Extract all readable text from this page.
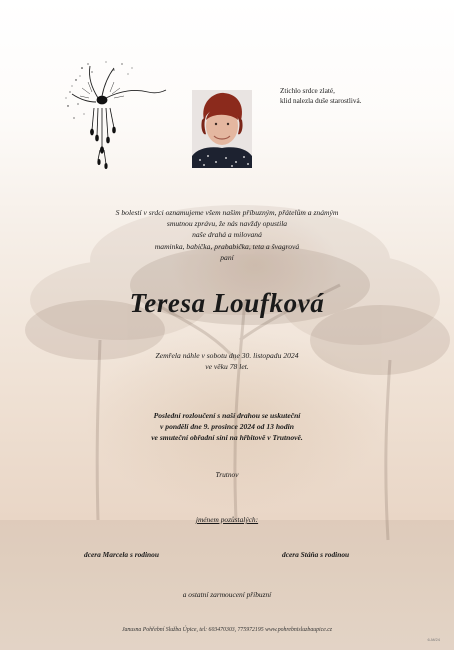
Ztichlo srdce zlaté,
klid nalezla duše starostlivá.
S bolestí v srdci oznamujeme všem našim příbuzným, přátelům a známým
smutnou zprávu, že nás navždy opustila
naše drahá a milovaná
maminka, babička, prababička, teta a švagrová
paní
Teresa Loufková
Zemřela náhle v sobotu dne 30. listopadu 2024
ve věku 78 let.
Poslední rozloučení s naší drahou se uskuteční
v pondělí dne 9. prosince 2024 od 13 hodin
ve smuteční obřadní síni na hřbitově v Trutnově.
Trutnov
jménem pozůstalých:
dcera Marcela s rodinou	dcera Stáňa s rodinou
a ostatní zarmoucení příbuzní
Janusna Pohřební Služba Úpice, tel: 603470303, 775972195 www.pohrebnisluzbaupice.cz
6-M/24
